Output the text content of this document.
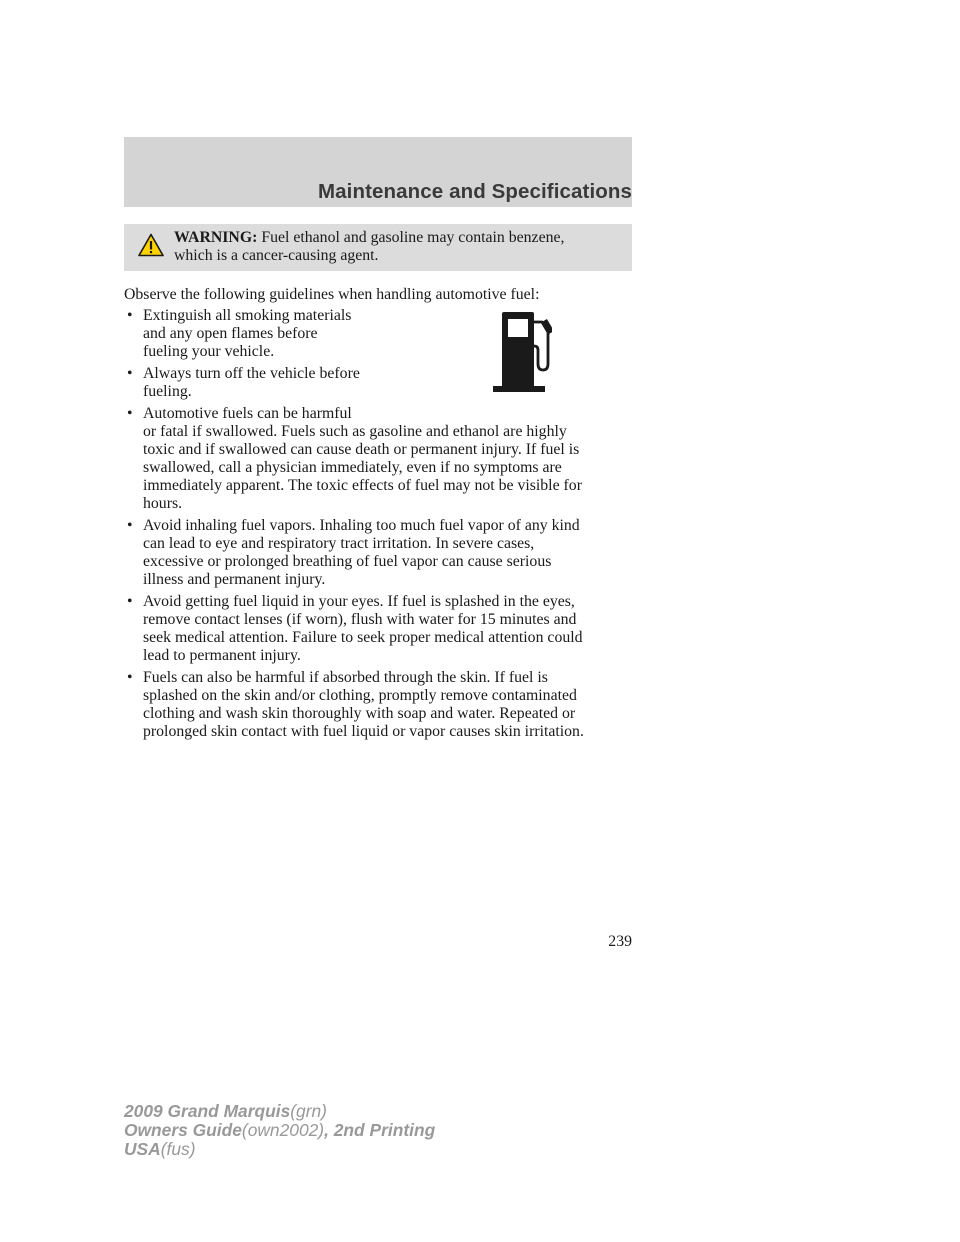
Maintenance and Specifications
WARNING: Fuel ethanol and gasoline may contain benzene,
which is a cancer-causing agent.

Observe the following guidelines when handling automotive fuel:

• Extinguish all smoking materials
and any open flames before
fueling your vehicle.
• Always turn off the vehicle before
fueling.
• Automotive fuels can be harmful
or fatal if swallowed. Fuels such as gasoline and ethanol are highly
toxic and if swallowed can cause death or permanent injury. If fuel is
swallowed, call a physician immediately, even if no symptoms are
immediately apparent. The toxic effects of fuel may not be visible for
hours.
• Avoid inhaling fuel vapors. Inhaling too much fuel vapor of any kind
can lead to eye and respiratory tract irritation. In severe cases,
excessive or prolonged breathing of fuel vapor can cause serious
illness and permanent injury.
• Avoid getting fuel liquid in your eyes. If fuel is splashed in the eyes,
remove contact lenses (if worn), flush with water for 15 minutes and
seek medical attention. Failure to seek proper medical attention could
lead to permanent injury.
• Fuels can also be harmful if absorbed through the skin. If fuel is
splashed on the skin and/or clothing, promptly remove contaminated
clothing and wash skin thoroughly with soap and water. Repeated or
prolonged skin contact with fuel liquid or vapor causes skin irritation.
239
2009 Grand Marquis(grn)
Owners Guide(own2002), 2nd Printing
USA(fus)
